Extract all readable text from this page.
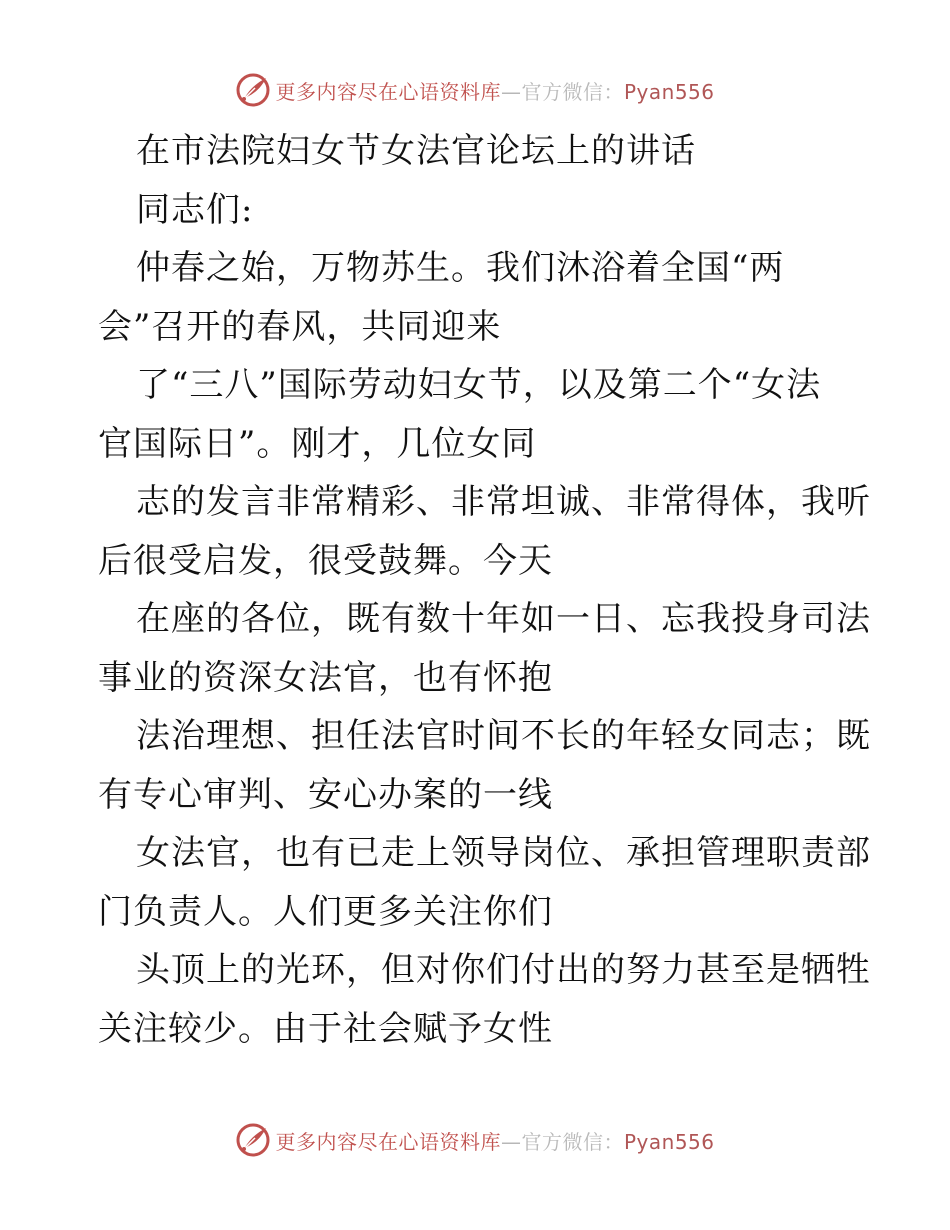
更多内容尽在心语资料库—官方微信：Pyan556
在市法院妇女节女法官论坛上的讲话
同志们:
仲春之始，万物苏生。我们沐浴着全国“两
会”召开的春风，共同迎来
了“三八”国际劳动妇女节，以及第二个“女法
官国际日”。刚才，几位女同
志的发言非常精彩、非常坦诚、非常得体，我听
后很受启发，很受鼓舞。今天
在座的各位，既有数十年如一日、忘我投身司法
事业的资深女法官，也有怀抱
法治理想、担任法官时间不长的年轻女同志；既
有专心审判、安心办案的一线
女法官，也有已走上领导岗位、承担管理职责部
门负责人。人们更多关注你们
头顶上的光环，但对你们付出的努力甚至是牺牲
关注较少。由于社会赋予女性
更多内容尽在心语资料库—官方微信：Pyan556
